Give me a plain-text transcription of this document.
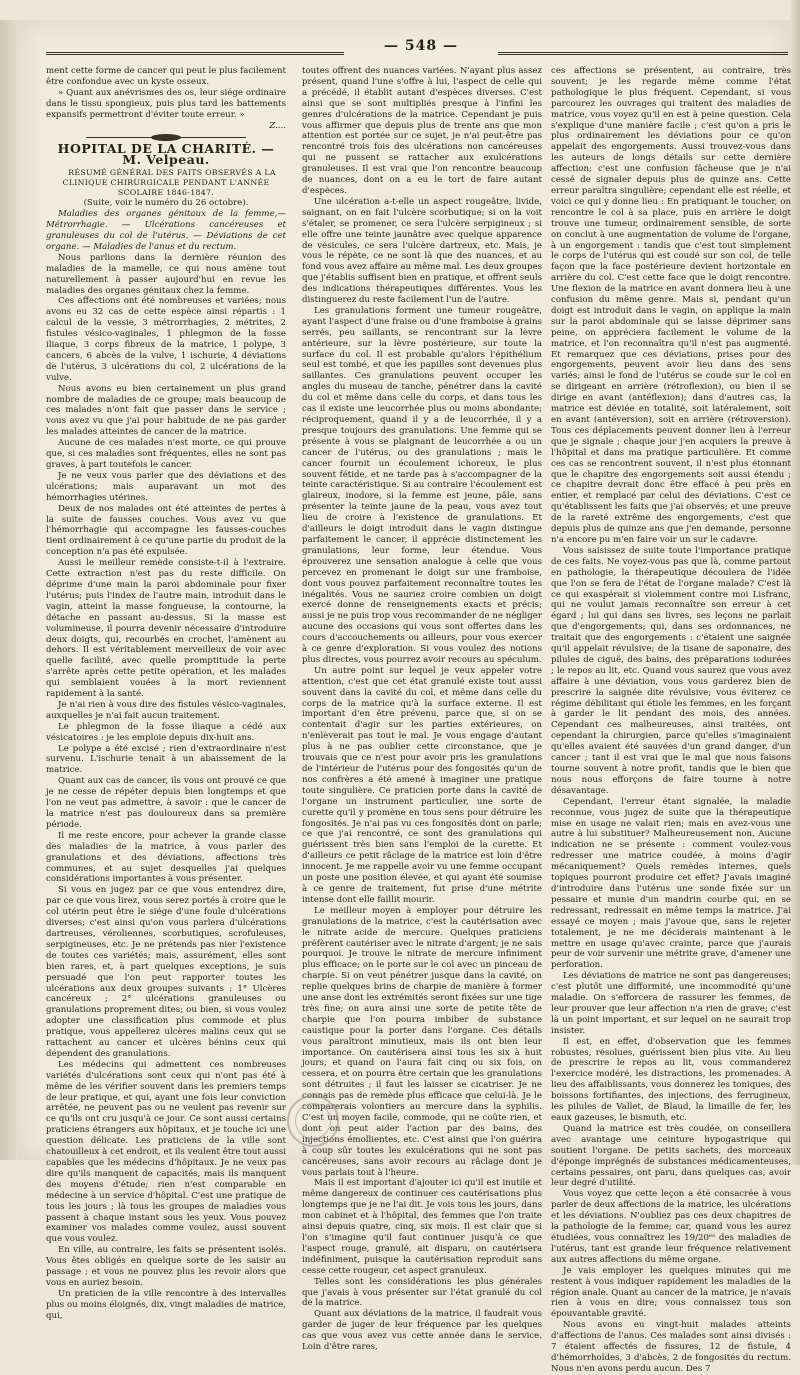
— 548 —

ment cette forme de cancer qui peut le plus facilement être confondue avec un kyste osseux.

» Quant aux anévrismes des os, leur siége ordinaire dans le tissu spongieux, puis plus tard les battements expansifs permettront d'éviter toute erreur. »

Z....

HOPITAL DE LA CHARITÉ. — M. Velpeau.

RÉSUMÉ GÉNÉRAL DES FAITS OBSERVÉS A LA CLINIQUE CHIRURGICALE PENDANT L'ANNÉE SCOLAIRE 1846-1847.

(Suite, voir le numéro du 26 octobre).

Maladies des organes génitaux de la femme,— Métrorrhagie. — Ulcérations cancéreuses et granuleuses du col de l'utérus. — Déviations de cet organe. — Maladies de l'anus et du rectum.

Nous parlions dans la dernière réunion des maladies de la mamelle, ce qui nous amène tout naturellement à passer aujourd'hui en revue les maladies des organes génitaux chez la femme.

Ces affections ont été nombreuses et variées; nous avons eu 32 cas de cette espèce ainsi répartis : 1 calcul de la vessie, 3 métrorrhagies, 2 métrites, 2 fistules vésico-vaginales, 1 phlegmon de la fosse iliaque, 3 corps fibreux de la matrice, 1 polype, 3 cancers, 6 abcès de la vulve, 1 ischurie, 4 déviations de l'utérus, 3 ulcérations du col, 2 ulcérations de la vulve.

Nous avons eu bien certainement un plus grand nombre de maladies de ce groupe; mais beaucoup de ces malades n'ont fait que passer dans le service ; vous avez vu que j'ai pour habitude de ne pas garder les malades atteintes de cancer de la matrice.

Aucune de ces malades n'est morte, ce qui prouve que, si ces maladies sont fréquentes, elles ne sont pas graves, à part toutefois le cancer.

Je ne veux vous parler que des déviations et des ulcérations; mais auparavant un mot des hémorrhagies utérines.

Deux de nos malades ont été atteintes de pertes à la suite de fausses couches. Vous avez vu que l'hémorrhagie qui accompagne les fausses-couches tient ordinairement à ce qu'une partie du produit de la conception n'a pas été expulsée.

Aussi le meilleur remède consiste-t-il à l'extraire. Cette extraction n'est pas du reste difficile. On déprime d'une main la paroi abdominale pour fixer l'utérus; puis l'index de l'autre main, introduit dans le vagin, atteint la masse fongueuse, la contourne, la détache en passant au-dessus. Si la masse est volumineuse, il pourra devenir nécessaire d'introduire deux doigts, qui, recourbés en crochet, l'amènent au dehors. Il est véritablement merveilleux de voir avec quelle facilité, avec quelle promptitude la perte s'arrête après cette petite opération, et les malades qui semblaient vouées à la mort reviennent rapidement à la santé.

Je n'ai rien à vous dire des fistules vésico-vaginales, auxquelles je n'ai fait aucun traitement.

Le phlegmon de la fosse iliaque a cédé aux vésicatoires : je les emploie depuis dix-huit ans.

Le polype a été excisé ; rien d'extraordinaire n'est survenu. L'ischurie tenait à un abaissement de la matrice.

Quant aux cas de cancer, ils vous ont prouvé ce que je ne cesse de répéter depuis bien longtemps et que l'on ne veut pas admettre, à savoir : que le cancer de la matrice n'est pas douloureux dans sa première période.

Il me reste encore, pour achever la grande classe des maladies de la matrice, à vous parler des granulations et des déviations, affections très communes, et au sujet desquelles j'ai quelques considérations importantes à vous présenter.

Si vous en jugez par ce que vous entendrez dire, par ce que vous lirez, vous serez portés à croire que le col utérin peut être le siége d'une foule d'ulcérations diverses; c'est ainsi qu'on vous parlera d'ulcérations dartreuses, véroliennes, scorbutiques, scrofuleuses, serpigineuses, etc. Je ne prétends pas nier l'existence de toutes ces variétés; mais, assurément, elles sont bien rares, et, à part quelques exceptions, je suis persuadé que l'on peut rapporter toutes les ulcérations aux deux groupes suivants : 1° Ulcères cancéreux ; 2° ulcérations granuleuses ou granulations proprement dites; ou bien, si vous voulez adopter une classification plus commode et plus pratique, vous appellerez ulcères malins ceux qui se rattachent au cancer et ulcères bénins ceux qui dépendent des granulations.

Les médecins qui admettent ces nombreuses variétés d'ulcérations sont ceux qui n'ont pas été à même de les vérifier souvent dans les premiers temps de leur pratique, et qui, ayant une fois leur conviction arrêtée, ne peuvent pas ou ne veulent pas revenir sur ce qu'ils ont cru jusqu'à ce jour. Ce sont aussi certains praticiens étrangers aux hôpitaux, et je touche ici une question délicate. Les praticiens de la ville sont chatouilleux à cet endroit, et ils veulent être tout aussi capables que les médecins d'hôpitaux. Je ne veux pas dire qu'ils manquent de capacités, mais ils manquent des moyens d'étude; rien n'est comparable en médecine à un service d'hôpital. C'est une pratique de tous les jours ; là tous les groupes de maladies vous passent à chaque instant sous les yeux. Vous pouvez examiner vos malades comme voulez, aussi souvent que vous voulez.

En ville, au contraire, les faits se présentent isolés. Vous êtes obligés en quelque sorte de les saisir au passage ; et vous ne pouvez plus les revoir alors que vous en auriez besoin.

Un praticien de la ville rencontre à des intervalles plus ou moins éloignés, dix, vingt maladies de matrice, qui,

toutes offrent des nuances variées. N'ayant plus assez présent, quand l'une s'offre à lui, l'aspect de celle qui a précédé, il établit autant d'espèces diverses. C'est ainsi que se sont multipliés presque à l'infini les genres d'ulcérations de la matrice. Cependant je puis vous affirmer que depuis plus de trente ans que mon attention est portée sur ce sujet, je n'ai peut-être pas rencontré trois fois des ulcérations non cancéreuses qui ne pussent se rattacher aux exulcérations granuleuses. Il est vrai que l'on rencontre beaucoup de nuances, dont on a eu le tort de faire autant d'espèces.

Une ulcération a-t-elle un aspect rougeâtre, livide, saignant, on en fait l'ulcère scorbutique; si on la voit s'étaler, se promener, ce sera l'ulcère serpigineux ; si elle offre une teinte jaunâtre avec quelque apparence de vésicules, ce sera l'ulcère dartreux, etc. Mais, je vous le répète, ce ne sont là que des nuances, et au fond vous avez affaire au même mal. Les deux groupes que j'établis suffisent bien en pratique, et offrent seuls des indications thérapeutiques différentes. Vous les distinguerez du reste facilement l'un de l'autre.

Les granulations forment une tumeur rougeâtre, ayant l'aspect d'une fraise ou d'une framboise à grains serrés, peu saillants, se rencontrant sur la lèvre antérieure, sur la lèvre postérieure, sur toute la surface du col. Il est probable qu'alors l'épithélium seul est tombé, et que les papilles sont devenues plus saillantes. Ces granulations peuvent occuper les angles du museau de tanche, pénétrer dans la cavité du col et même dans celle du corps, et dans tous les cas il existe une leucorrhée plus ou moins abondante; réciproquement, quand il y a de leucorrhée, il y a presque toujours des granulations. Une femme qui se présente à vous se plaignant de leucorrhée a ou un cancer de l'utérus, ou des granulations ; mais le cancer fournit un écoulement ichoreux, le plus souvent fétide, et ne tarde pas à s'accompagner de la teinte caractéristique. Si au contraire l'écoulement est glaireux, inodore, si la femme est jeune, pâle, sans présenter la teinte jaune de la peau, vous avez tout lieu de croire à l'existence de granulations. Et d'ailleurs le doigt introduit dans le vagin distingue parfaitement le cancer, il apprécie distinctement les granulations, leur forme, leur étendue. Vous éprouverez une sensation analogue à celle que vous percevez en promenant le doigt sur une framboise, dont vous pouvez parfaitement reconnaître toutes les inégalités. Vous ne sauriez croire combien un doigt exercé donne de renseignements exacts et précis; aussi je ne puis trop vous recommander de ne négliger aucune des occasions qui vous sont offertes dans les cours d'accouchements ou ailleurs, pour vous exercer à ce genre d'exploration. Si vous voulez des notions plus directes, vous pourrez avoir recours au spéculum.

Un autre point sur lequel je veux appeler votre attention, c'est que cet état granulé existe tout aussi souvent dans la cavité du col, et même dans celle du corps de la matrice qu'à la surface externe. Il est important d'en être prévenu, parce que, si on se contentait d'agir sur les parties extérieures, on n'enlèverait pas tout le mal. Je vous engage d'autant plus à ne pas oublier cette circonstance, que je trouvais que ce n'est pour avoir pris les granulations de l'intérieur de l'utérus pour des fongosités qu'un de nos confrères a été amené à imaginer une pratique toute singulière. Ce praticien porte dans la cavité de l'organe un instrument particulier, une sorte de curette qu'il y promène en tous sens pour détruire les fongosités. Je n'ai pas vu ces fongosités dont on parle; ce que j'ai rencontré, ce sont des granulations qui guérissent très bien sans l'emploi de la curette. Et d'ailleurs ce petit râclage de la matrice est loin d'être innocent. Je me rappelle avoir vu une femme occupant un poste une position élevée, et qui ayant été soumise à ce genre de traitement, fut prise d'une métrite intense dont elle faillit mourir.

Le meilleur moyen à employer pour détruire les granulations de la matrice, c'est la cautérisation avec le nitrate acide de mercure. Quelques praticiens préfèrent cautériser avec le nitrate d'argent; je ne sais pourquoi. Je trouve le nitrate de mercure infiniment plus efficace; on le porte sur le col avec un pinceau de charpie. Si on veut pénétrer jusque dans la cavité, on replie quelques brins de charpie de manière à former une anse dont les extrémités seront fixées sur une tige très fine; on aura ainsi une sorte de petite tête de charpie que l'on pourra imbiber de substance caustique pour la porter dans l'organe. Ces détails vous paraîtront minutieux, mais ils ont bien leur importance. On cautérisera ainsi tous les six à huit jours, et quand on l'aura fait cinq ou six fois, on cessera, et on pourra être certain que les granulations sont détruites ; il faut les laisser se cicatriser. Je ne connais pas de remède plus efficace que celui-là. Je le comparerais volontiers au mercure dans la syphilis. C'est un moyen facile, commode, qui ne coûte rien, et dont on peut aider l'action par des bains, des injections émollientes, etc. C'est ainsi que l'on guérira à coup sûr toutes les exulcérations qui ne sont pas cancéreuses, sans avoir recours au râclage dont je vous parlais tout à l'heure.

Mais il est important d'ajouter ici qu'il est inutile et même dangereux de continuer ces cautérisations plus longtemps que je ne l'ai dit. Je vois tous les jours, dans mon cabinet et à l'hôpital, des femmes que l'on traite ainsi depuis quatre, cinq, six mois. Il est clair que si l'on s'imagine qu'il faut continuer jusqu'à ce que l'aspect rouge, granulé, ait disparu, on cautérisera indéfiniment, puisque la cautérisation reproduit sans cesse cette rougeur, cet aspect granuleux.

Telles sont les considérations les plus générales que j'avais à vous présenter sur l'état granulé du col de la matrice.

Quant aux déviations de la matrice, il faudrait vous garder de juger de leur fréquence par les quelques cas que vous avez vus cette année dans le service. Loin d'être rares,

ces affections se présentent, au contraire, très souvent; je les regarde même comme l'état pathologique le plus fréquent. Cependant, si vous parcourez les ouvrages qui traitent des maladies de matrice, vous voyez qu'il en est à peine question. Cela s'explique d'une manière facile ; c'est qu'on a pris le plus ordinairement les déviations pour ce qu'on appelait des engorgements. Aussi trouvez-vous dans les auteurs de longs détails sur cette dernière affection; c'est une confusion fâcheuse que je n'ai cessé de signaler depuis plus de quinze ans. Cette erreur paraîtra singulière; cependant elle est réelle, et voici ce qui y donne lieu : En pratiquant le toucher, on rencontre le col à sa place, puis en arrière le doigt trouve une tumeur, ordinairement sensible, de sorte on conclut à une augmentation de volume de l'organe, à un engorgement : tandis que c'est tout simplement le corps de l'utérus qui est coudé sur son col, de telle façon que la face postérieure devient horizontale en arrière du col. C'est cette face que le doigt rencontre. Une flexion de la matrice en avant donnera lieu à une confusion du même genre. Mais si, pendant qu'un doigt est introduit dans le vagin, on applique la main sur la paroi abdominale qui se laisse déprimer sans peine, on appréciera facilement le volume de la matrice, et l'on reconnaîtra qu'il n'est pas augmenté. Et remarquez que ces déviations, prises pour des engorgements, peuvent avoir lieu dans des sens variés; ainsi le fond de l'utérus se coude sur le col en se dirigeant en arrière (rétroflexion), ou bien il se dirige en avant (antéflexion); dans d'autres cas, la matrice est déviée en totalité, soit latéralement, soit en avant (antéversion), soit en arrière (rétroversion). Tous ces déplacements peuvent donner lieu à l'erreur que je signale ; chaque jour j'en acquiers la preuve à l'hôpital et dans ma pratique particulière. Et comme ces cas se rencontrent souvent, il n'est plus étonnant que le chapitre des engorgements soit aussi étendu ; ce chapitre devrait donc être effacé à peu près en entier, et remplacé par celui des déviations. C'est ce qu'établissent les faits que j'ai observés; et une preuve de la rareté extrême des engorgements, c'est que depuis plus de quinze ans que j'en demande, personne n'a encore pu m'en faire voir un sur le cadavre.

Vous saisissez de suite toute l'importance pratique de ces faits. Ne voyez-vous pas que là, comme partout en pathologie, la thérapeutique découlera de l'idée que l'on se fera de l'état de l'organe malade? C'est là ce qui exaspérait si violemment contre moi Lisfranc, qui ne voulut jamais reconnaître son erreur à cet égard ; lui qui dans ses livres, ses leçons ne parlait que d'engorgements; qui, dans ses ordonnances, ne traitait que des engorgements : c'étaient une saignée qu'il appelait révulsive; de la tisane de saponaire, des pilules de ciguë, des bains, des préparations iodurées ; le repos au lit, etc. Quand vous saurez que vous avez affaire à une déviation, vous vous garderez bien de prescrire la saignée dite révulsive; vous éviterez ce régime débilitant qui étiole les femmes, en les forçant à garder le lit pendant des mois, des années. Cependant ces malheureuses, ainsi traitées, ont cependant la chirurgien, parce qu'elles s'imaginaient qu'elles avaient été sauvées d'un grand danger, d'un cancer ; tant il est vrai que le mal que nous faisons tourne souvent à notre profit, tandis que le bien que nous nous efforçons de faire tourne à notre désavantage.

Cependant, l'erreur étant signalée, la maladie reconnue, vous jugez de suite que la thérapeutique mise en usage ne valait rien; mais en avez-vous une autre à lui substituer? Malheureusement non. Aucune indication ne se présente : comment voulez-vous redresser une matrice coudée, à moins d'agir mécaniquement? Quels remèdes internes, quels topiques pourront produire cet effet? J'avais imaginé d'introduire dans l'utérus une sonde fixée sur un pessaire et munie d'un mandrin courbe qui, en se redressant, redressait en même temps la matrice. J'ai essayé ce moyen ; mais j'avoue que, sans le rejeter totalement, je ne me déciderais maintenant à le mettre en usage qu'avec crainte, parce que j'aurais peur de voir survenir une métrite grave, d'amener une perforation.

Les déviations de matrice ne sont pas dangereuses; c'est plutôt une difformité, une incommodité qu'une maladie. On s'efforcera de rassurer les femmes, de leur prouver que leur affection n'a rien de grave; c'est là un point important, et sur lequel on ne saurait trop insister.

Il est, en effet, d'observation que les femmes robustes, résolues, guérissent bien plus vite. Au lieu de prescrire le repos au lit, vous commanderez l'exercice modéré, les distractions, les promenades. A lieu des affaiblissants, vous donnerez les toniques, des boissons fortifiantes, des injections, des ferrugineux, les pilules de Vallet, de Blaud, la limaille de fer, les eaux gazeuses, le bismuth, etc.

Quand la matrice est très coudée, on conseillera avec avantage une ceinture hypogastrique qui soutient l'organe. De petits sachets, des morceaux d'éponge imprégnés de substances médicamenteuses, certains pessaires, ont paru, dans quelques cas, avoir leur degré d'utilité.

Vous voyez que cette leçon a été consacrée à vous parler de deux affections de la matrice, les ulcérations et les déviations. N'oubliez pas ces deux chapitres de la pathologie de la femme; car, quand vous les aurez étudiées, vous connaîtrez les 19/20ᵉˢ des maladies de l'utérus, tant est grande leur fréquence relativement aux autres affections du même organe.

Je vais employer les quelques minutes qui me restent à vous indiquer rapidement les maladies de la région anale. Quant au cancer de la matrice, je n'avais rien à vous en dire; vous connaissez tous son épouvantable gravité.

Nous avons eu vingt-huit malades atteints d'affections de l'anus. Ces malades sont ainsi divisés : 7 étaient affectés de fissures, 12 de fistule, 4 d'hémorrhoïdes, 3 d'abcès, 2 de fongosités du rectum. Nous n'en avons perdu aucun. Des 7
